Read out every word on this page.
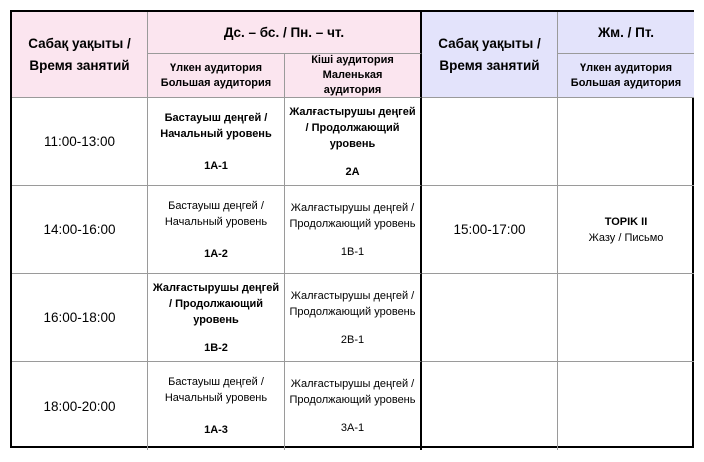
Сабақ уақыты / Время занятий
Дс. – бс. / Пн. – чт.
Сабақ уақыты / Время занятий
Жм. / Пт.
Үлкен аудитория Большая аудитория
Кіші аудитория Маленькая аудитория
Үлкен аудитория Большая аудитория
11:00-13:00
Бастауыш деңгей / Начальный уровень
1A-1
Жалғастырушы деңгей / Продолжающий уровень
2A
14:00-16:00
Бастауыш деңгей / Начальный уровень
1A-2
Жалғастырушы деңгей / Продолжающий уровень
1B-1
15:00-17:00
TOPIK II
Жазу / Письмо
16:00-18:00
Жалғастырушы деңгей / Продолжающий уровень
1B-2
Жалғастырушы деңгей / Продолжающий уровень
2B-1
18:00-20:00
Бастауыш деңгей / Начальный уровень
1A-3
Жалғастырушы деңгей / Продолжающий уровень
3A-1
